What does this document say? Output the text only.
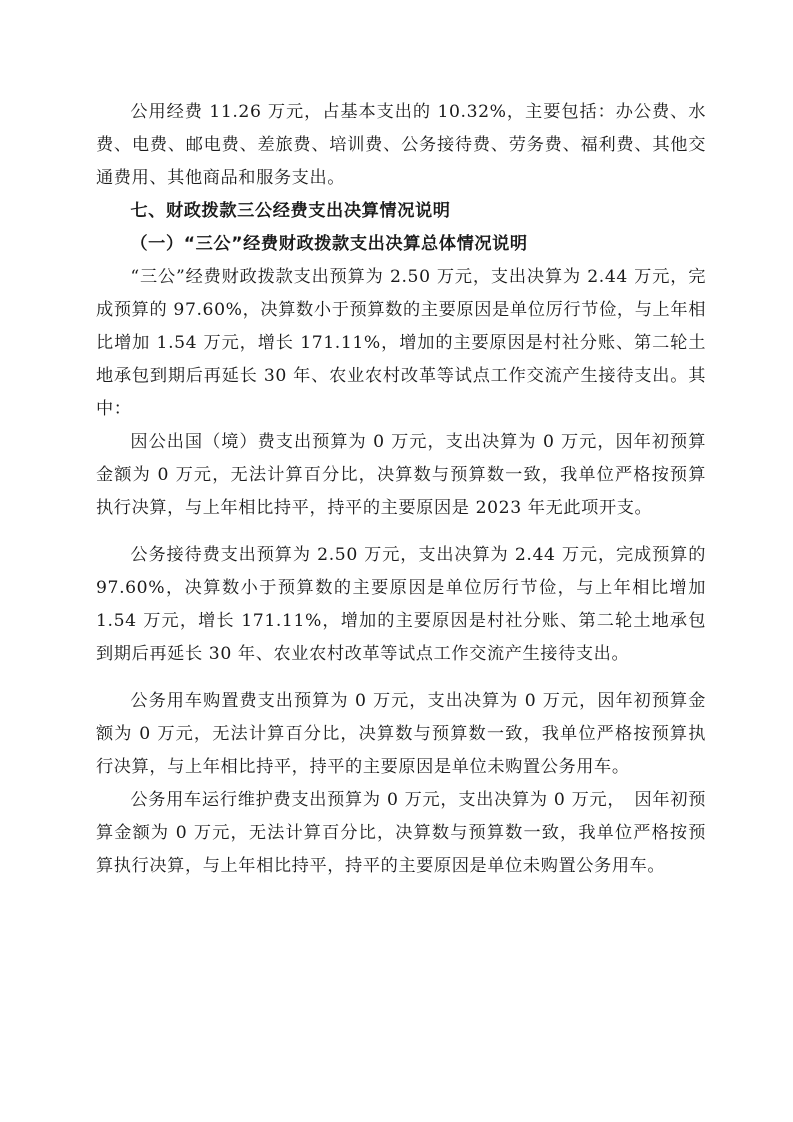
公用经费 11.26 万元，占基本支出的 10.32%，主要包括：办公费、水费、电费、邮电费、差旅费、培训费、公务接待费、劳务费、福利费、其他交通费用、其他商品和服务支出。

七、财政拨款三公经费支出决算情况说明
（一）“三公”经费财政拨款支出决算总体情况说明

“三公”经费财政拨款支出预算为 2.50 万元，支出决算为 2.44 万元，完成预算的 97.60%，决算数小于预算数的主要原因是单位厉行节俭，与上年相比增加 1.54 万元，增长 171.11%，增加的主要原因是村社分账、第二轮土地承包到期后再延长 30 年、农业农村改革等试点工作交流产生接待支出。其中：

因公出国（境）费支出预算为 0 万元，支出决算为 0 万元，因年初预算金额为 0 万元，无法计算百分比，决算数与预算数一致，我单位严格按预算执行决算，与上年相比持平，持平的主要原因是 2023 年无此项开支。

公务接待费支出预算为 2.50 万元，支出决算为 2.44 万元，完成预算的 97.60%，决算数小于预算数的主要原因是单位厉行节俭，与上年相比增加 1.54 万元，增长 171.11%，增加的主要原因是村社分账、第二轮土地承包到期后再延长 30 年、农业农村改革等试点工作交流产生接待支出。

公务用车购置费支出预算为 0 万元，支出决算为 0 万元，因年初预算金额为 0 万元，无法计算百分比，决算数与预算数一致，我单位严格按预算执行决算，与上年相比持平，持平的主要原因是单位未购置公务用车。

公务用车运行维护费支出预算为 0 万元，支出决算为 0 万元，　因年初预算金额为 0 万元，无法计算百分比，决算数与预算数一致，我单位严格按预算执行决算，与上年相比持平，持平的主要原因是单位未购置公务用车。
